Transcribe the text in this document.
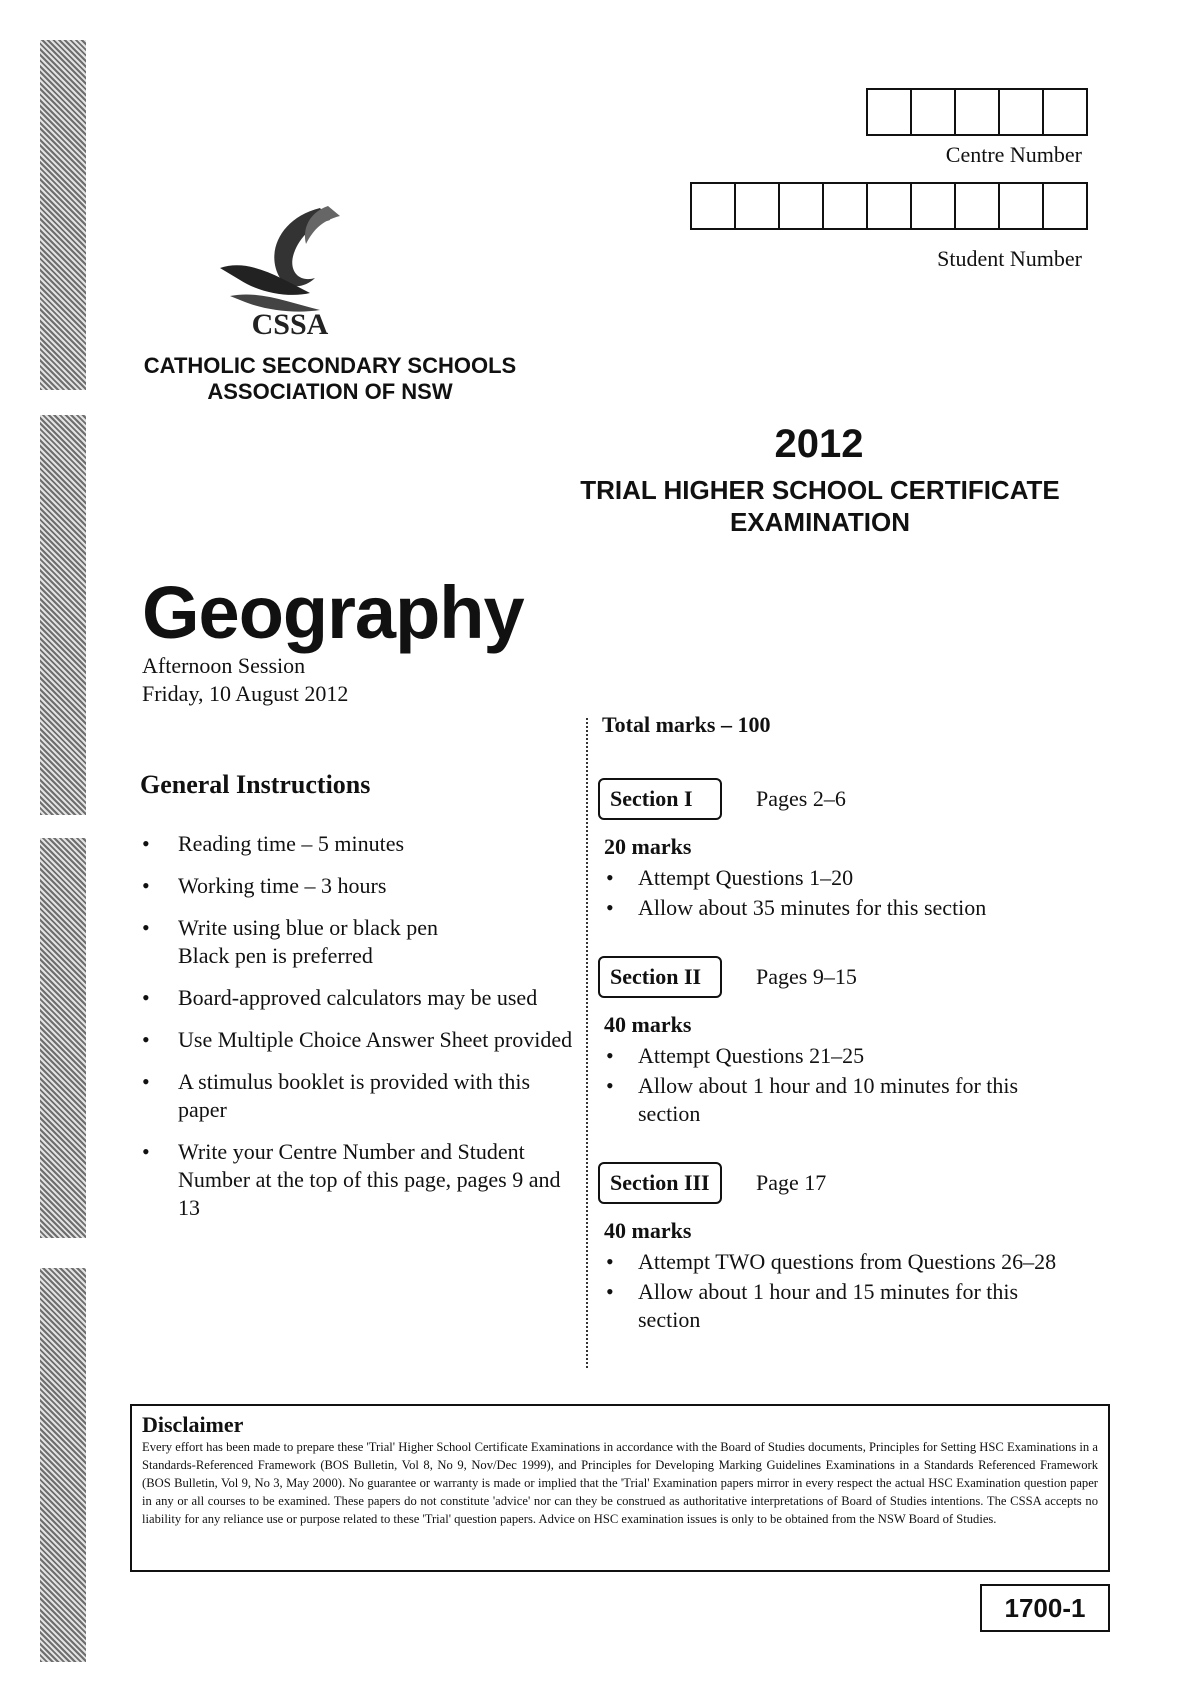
Centre Number
Student Number
CSSA
CATHOLIC SECONDARY SCHOOLS
ASSOCIATION OF NSW
2012
TRIAL HIGHER SCHOOL CERTIFICATE
EXAMINATION
Geography
Afternoon Session
Friday, 10 August 2012
General Instructions
• Reading time – 5 minutes
• Working time – 3 hours
• Write using blue or black pen
Black pen is preferred
• Board-approved calculators may be used
• Use Multiple Choice Answer Sheet provided
• A stimulus booklet is provided with this paper
• Write your Centre Number and Student Number at the top of this page, pages 9 and 13
Total marks – 100
Section I	Pages 2–6
20 marks
• Attempt Questions 1–20
• Allow about 35 minutes for this section
Section II	Pages 9–15
40 marks
• Attempt Questions 21–25
• Allow about 1 hour and 10 minutes for this section
Section III	Page 17
40 marks
• Attempt TWO questions from Questions 26–28
• Allow about 1 hour and 15 minutes for this section
Disclaimer
Every effort has been made to prepare these 'Trial' Higher School Certificate Examinations in accordance with the Board of Studies documents, Principles for Setting HSC Examinations in a Standards-Referenced Framework (BOS Bulletin, Vol 8, No 9, Nov/Dec 1999), and Principles for Developing Marking Guidelines Examinations in a Standards Referenced Framework (BOS Bulletin, Vol 9, No 3, May 2000). No guarantee or warranty is made or implied that the 'Trial' Examination papers mirror in every respect the actual HSC Examination question paper in any or all courses to be examined. These papers do not constitute 'advice' nor can they be construed as authoritative interpretations of Board of Studies intentions. The CSSA accepts no liability for any reliance use or purpose related to these 'Trial' question papers. Advice on HSC examination issues is only to be obtained from the NSW Board of Studies.
1700-1
